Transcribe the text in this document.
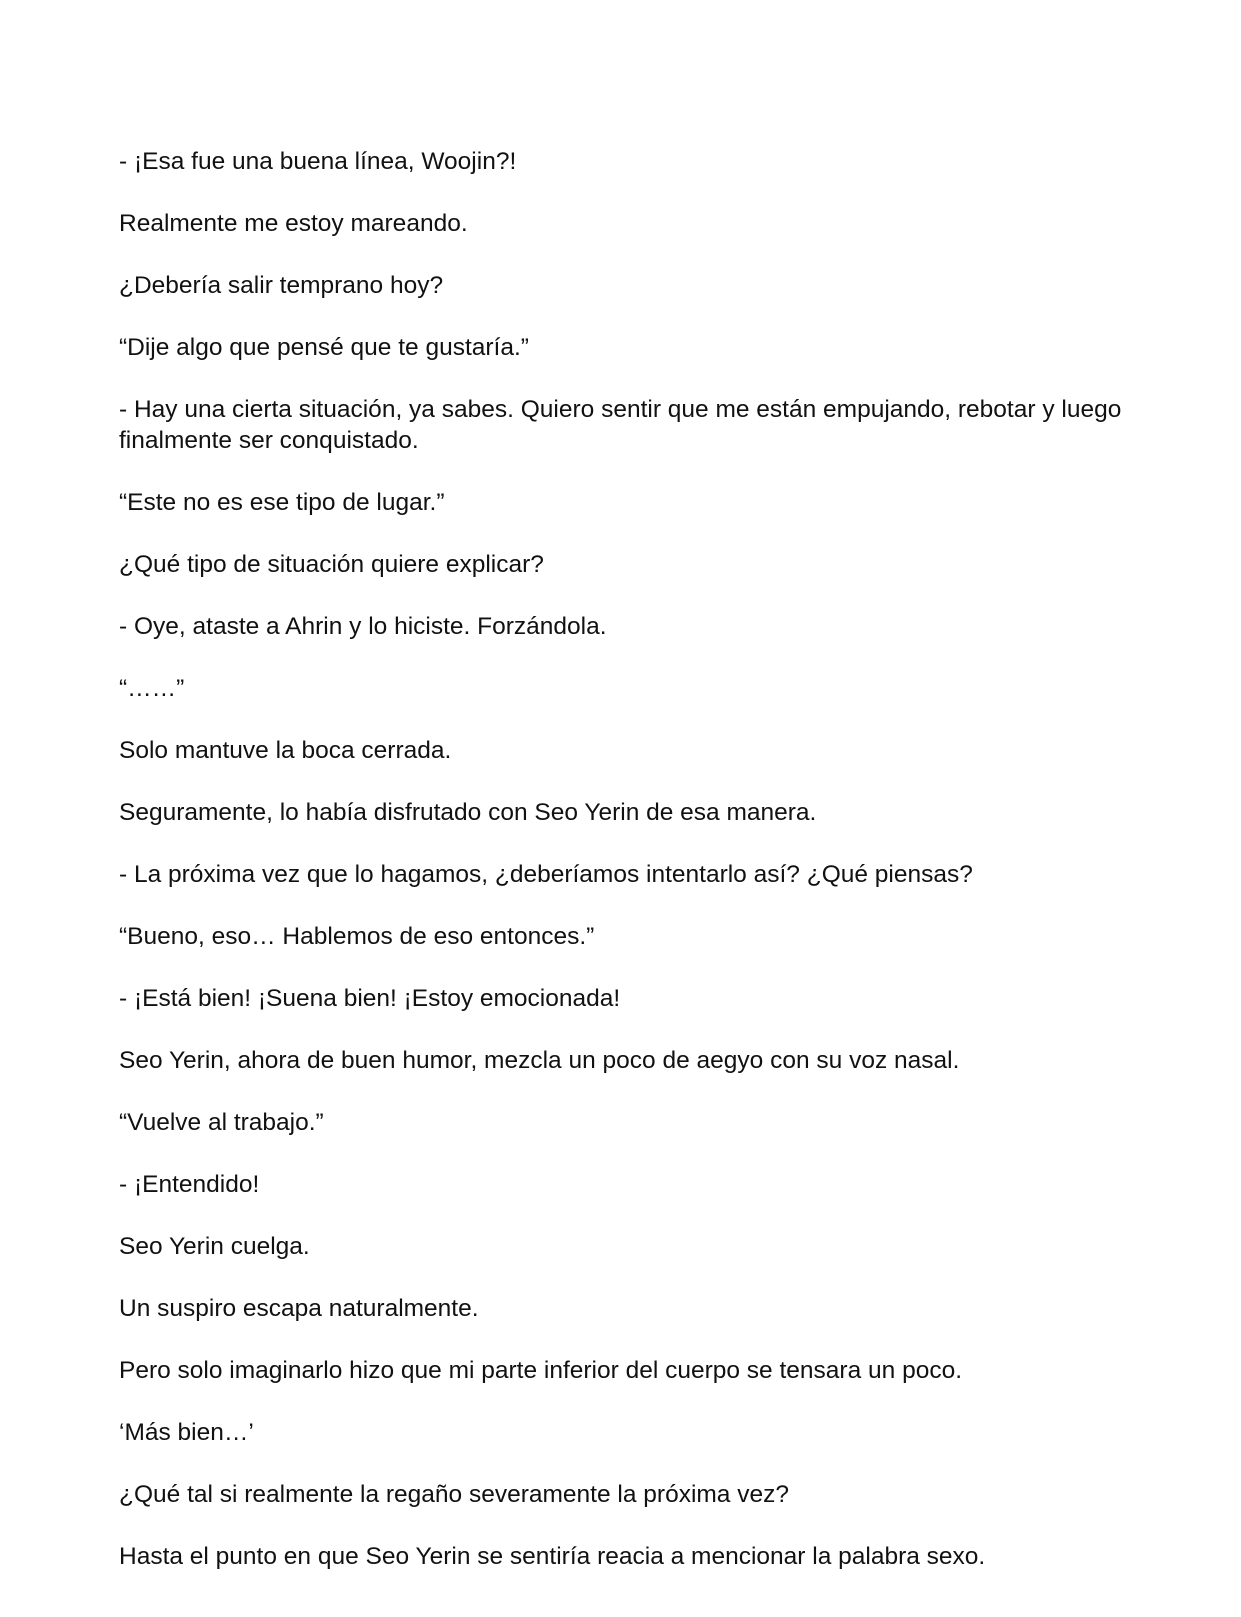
- ¡Esa fue una buena línea, Woojin?!

Realmente me estoy mareando.

¿Debería salir temprano hoy?

“Dije algo que pensé que te gustaría.”

- Hay una cierta situación, ya sabes. Quiero sentir que me están empujando, rebotar y luego finalmente ser conquistado.

“Este no es ese tipo de lugar.”

¿Qué tipo de situación quiere explicar?

- Oye, ataste a Ahrin y lo hiciste. Forzándola.

“……”

Solo mantuve la boca cerrada.

Seguramente, lo había disfrutado con Seo Yerin de esa manera.

- La próxima vez que lo hagamos, ¿deberíamos intentarlo así? ¿Qué piensas?

“Bueno, eso… Hablemos de eso entonces.”

- ¡Está bien! ¡Suena bien! ¡Estoy emocionada!

Seo Yerin, ahora de buen humor, mezcla un poco de aegyo con su voz nasal.

“Vuelve al trabajo.”

- ¡Entendido!

Seo Yerin cuelga.

Un suspiro escapa naturalmente.

Pero solo imaginarlo hizo que mi parte inferior del cuerpo se tensara un poco.

‘Más bien…’

¿Qué tal si realmente la regaño severamente la próxima vez?

Hasta el punto en que Seo Yerin se sentiría reacia a mencionar la palabra sexo.
